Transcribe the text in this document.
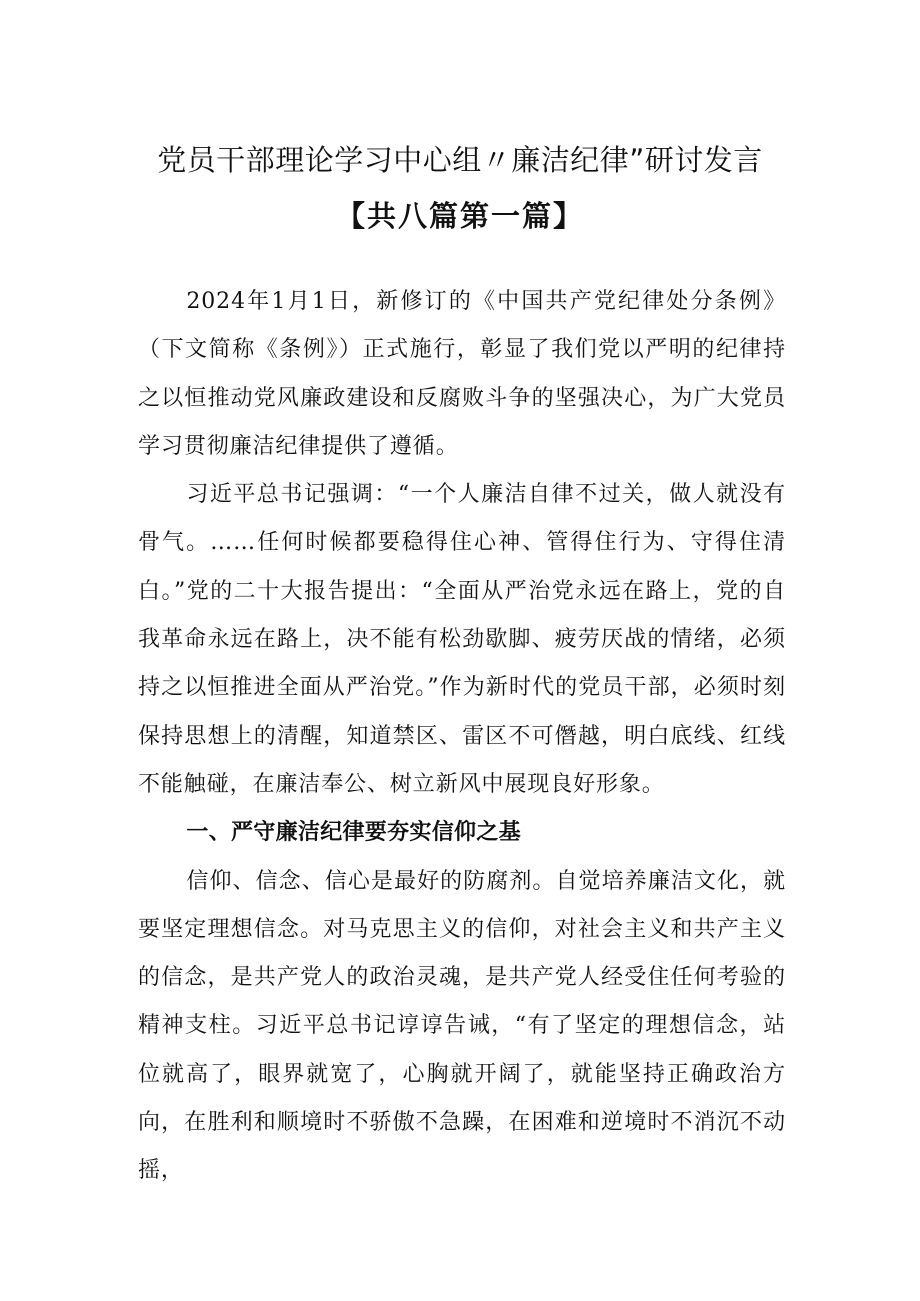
党员干部理论学习中心组〃廉洁纪律”研讨发言
【共八篇第一篇】

2024年1月1日，新修订的《中国共产党纪律处分条例》（下文简称《条例》）正式施行，彰显了我们党以严明的纪律持之以恒推动党风廉政建设和反腐败斗争的坚强决心，为广大党员学习贯彻廉洁纪律提供了遵循。

习近平总书记强调：“一个人廉洁自律不过关，做人就没有骨气。……任何时候都要稳得住心神、管得住行为、守得住清白。”党的二十大报告提出：“全面从严治党永远在路上，党的自我革命永远在路上，决不能有松劲歇脚、疲劳厌战的情绪，必须持之以恒推进全面从严治党。”作为新时代的党员干部，必须时刻保持思想上的清醒，知道禁区、雷区不可僭越，明白底线、红线不能触碰，在廉洁奉公、树立新风中展现良好形象。

一、严守廉洁纪律要夯实信仰之基

信仰、信念、信心是最好的防腐剂。自觉培养廉洁文化，就要坚定理想信念。对马克思主义的信仰，对社会主义和共产主义的信念，是共产党人的政治灵魂，是共产党人经受住任何考验的精神支柱。习近平总书记谆谆告诫，“有了坚定的理想信念，站位就高了，眼界就宽了，心胸就开阔了，就能坚持正确政治方向，在胜利和顺境时不骄傲不急躁，在困难和逆境时不消沉不动摇，
